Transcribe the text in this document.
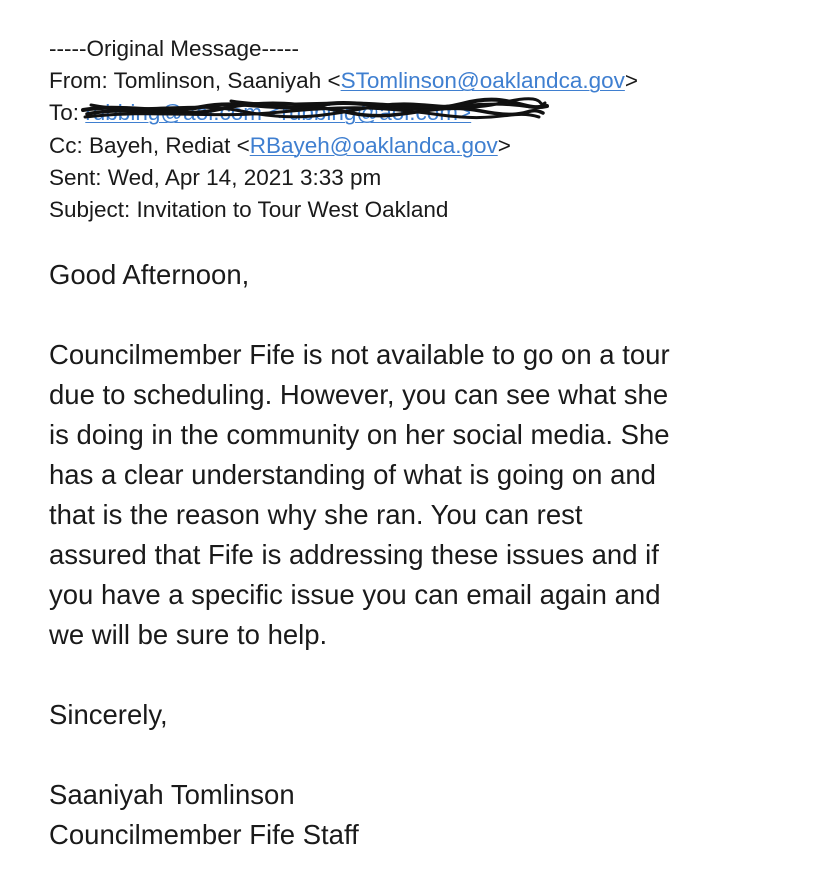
-----Original Message-----
From: Tomlinson, Saaniyah <STomlinson@oaklandca.gov>
To: rubbing@aol.com <rubbing@aol.com>
Cc: Bayeh, Rediat <RBayeh@oaklandca.gov>
Sent: Wed, Apr 14, 2021 3:33 pm
Subject: Invitation to Tour West Oakland
Good Afternoon,
Councilmember Fife is not available to go on a tour
due to scheduling. However, you can see what she
is doing in the community on her social media. She
has a clear understanding of what is going on and
that is the reason why she ran. You can rest
assured that Fife is addressing these issues and if
you have a specific issue you can email again and
we will be sure to help.
Sincerely,
Saaniyah Tomlinson
Councilmember Fife Staff
